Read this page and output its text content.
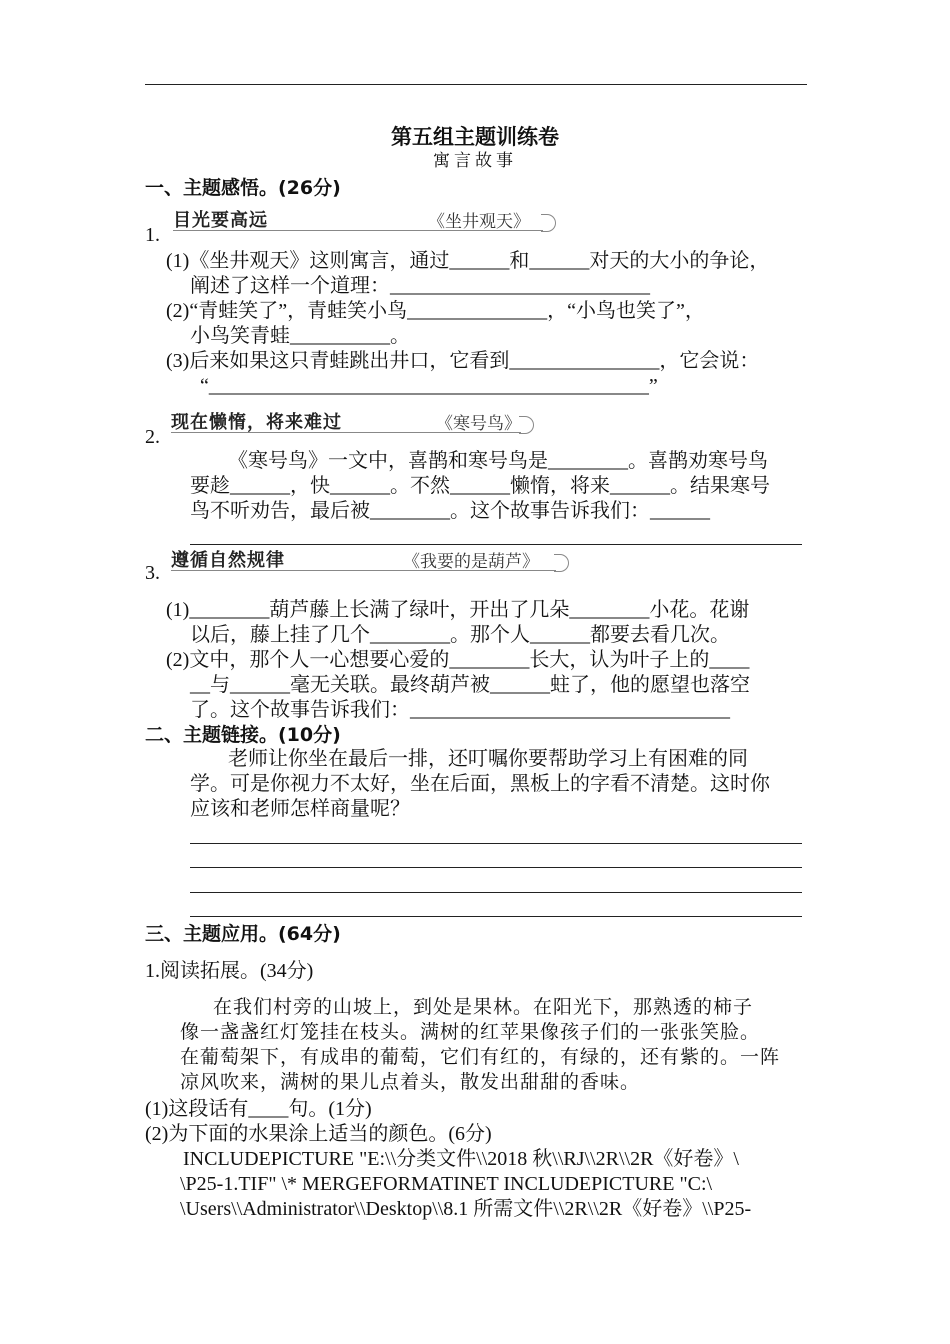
第五组主题训练卷
寓言故事
一、主题感悟。(26分)
1.
目光要高远	《坐井观天》
(1)《坐井观天》这则寓言，通过______和______对天的大小的争论，
阐述了这样一个道理：__________________________
(2)“青蛙笑了”，青蛙笑小鸟______________，“小鸟也笑了”，
小鸟笑青蛙__________。
(3)后来如果这只青蛙跳出井口，它看到_______________，它会说：
“____________________________________________”
2.
现在懒惰，将来难过	《寒号鸟》
《寒号鸟》一文中，喜鹊和寒号鸟是________。喜鹊劝寒号鸟
要趁______，快______。不然______懒惰，将来______。结果寒号
鸟不听劝告，最后被________。这个故事告诉我们：______
3.
遵循自然规律	《我要的是葫芦》
(1)________葫芦藤上长满了绿叶，开出了几朵________小花。花谢
以后，藤上挂了几个________。那个人______都要去看几次。
(2)文中，那个人一心想要心爱的________长大，认为叶子上的____
__与______毫无关联。最终葫芦被______蛀了，他的愿望也落空
了。这个故事告诉我们：________________________________
二、主题链接。(10分)
老师让你坐在最后一排，还叮嘱你要帮助学习上有困难的同
学。可是你视力不太好，坐在后面，黑板上的字看不清楚。这时你
应该和老师怎样商量呢？
三、主题应用。(64分)
1.阅读拓展。(34分)
在我们村旁的山坡上，到处是果林。在阳光下，那熟透的柿子
像一盏盏红灯笼挂在枝头。满树的红苹果像孩子们的一张张笑脸。
在葡萄架下，有成串的葡萄，它们有红的，有绿的，还有紫的。一阵
凉风吹来，满树的果儿点着头，散发出甜甜的香味。
(1)这段话有____句。(1分)
(2)为下面的水果涂上适当的颜色。(6分)
INCLUDEPICTURE "E:\\分类文件\\2018 秋\\RJ\\2R\\2R《好卷》\
\P25-1.TIF" \* MERGEFORMATINET INCLUDEPICTURE "C:\
\Users\\Administrator\\Desktop\\8.1 所需文件\\2R\\2R《好卷》\\P25-
